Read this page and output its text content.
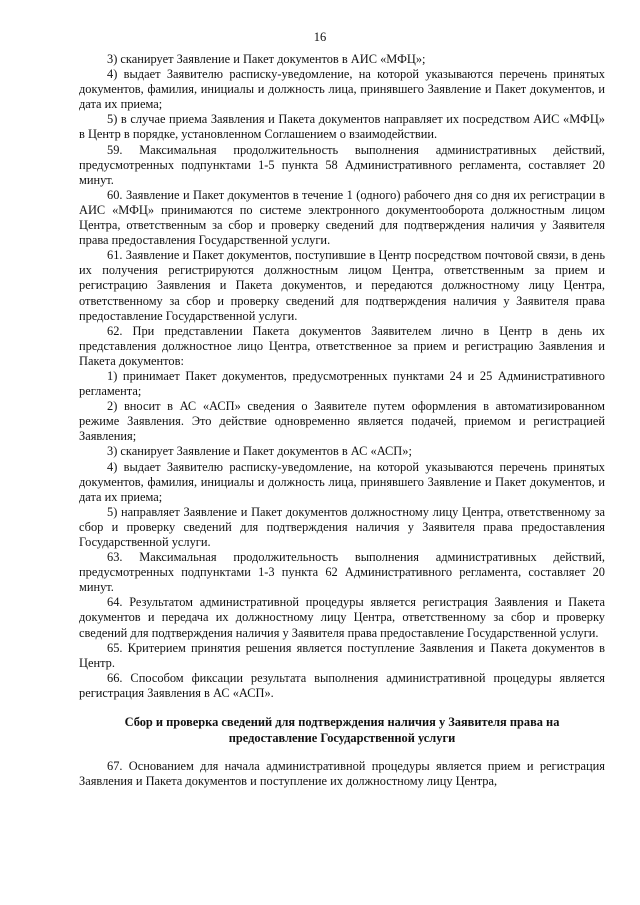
16

3) сканирует Заявление и Пакет документов в АИС «МФЦ»;

4) выдает Заявителю расписку-уведомление, на которой указываются перечень принятых документов, фамилия, инициалы и должность лица, принявшего Заявление и Пакет документов, и дата их приема;

5) в случае приема Заявления и Пакета документов направляет их посредством АИС «МФЦ» в Центр в порядке, установленном Соглашением о взаимодействии.

59. Максимальная продолжительность выполнения административных действий, предусмотренных подпунктами 1-5 пункта 58 Административного регламента, составляет 20 минут.

60. Заявление и Пакет документов в течение 1 (одного) рабочего дня со дня их регистрации в АИС «МФЦ» принимаются по системе электронного документооборота должностным лицом Центра, ответственным за сбор и проверку сведений для подтверждения наличия у Заявителя права предоставления Государственной услуги.

61. Заявление и Пакет документов, поступившие в Центр посредством почтовой связи, в день их получения регистрируются должностным лицом Центра, ответственным за прием и регистрацию Заявления и Пакета документов, и передаются должностному лицу Центра, ответственному за сбор и проверку сведений для подтверждения наличия у Заявителя права предоставление Государственной услуги.

62. При представлении Пакета документов Заявителем лично в Центр в день их представления должностное лицо Центра, ответственное за прием и регистрацию Заявления и Пакета документов:

1) принимает Пакет документов, предусмотренных пунктами 24 и 25 Административного регламента;

2) вносит в АС «АСП» сведения о Заявителе путем оформления в автоматизированном режиме Заявления. Это действие одновременно является подачей, приемом и регистрацией Заявления;

3) сканирует Заявление и Пакет документов в АС «АСП»;

4) выдает Заявителю расписку-уведомление, на которой указываются перечень принятых документов, фамилия, инициалы и должность лица, принявшего Заявление и Пакет документов, и дата их приема;

5) направляет Заявление и Пакет документов должностному лицу Центра, ответственному за сбор и проверку сведений для подтверждения наличия у Заявителя права предоставления Государственной услуги.

63. Максимальная продолжительность выполнения административных действий, предусмотренных подпунктами 1-3 пункта 62 Административного регламента, составляет 20 минут.

64. Результатом административной процедуры является регистрация Заявления и Пакета документов и передача их должностному лицу Центра, ответственному за сбор и проверку сведений для подтверждения наличия у Заявителя права предоставление Государственной услуги.

65. Критерием принятия решения является поступление Заявления и Пакета документов в Центр.

66. Способом фиксации результата выполнения административной процедуры является регистрация Заявления в АС «АСП».

Сбор и проверка сведений для подтверждения наличия у Заявителя права на предоставление Государственной услуги

67. Основанием для начала административной процедуры является прием и регистрация Заявления и Пакета документов и поступление их должностному лицу Центра,
